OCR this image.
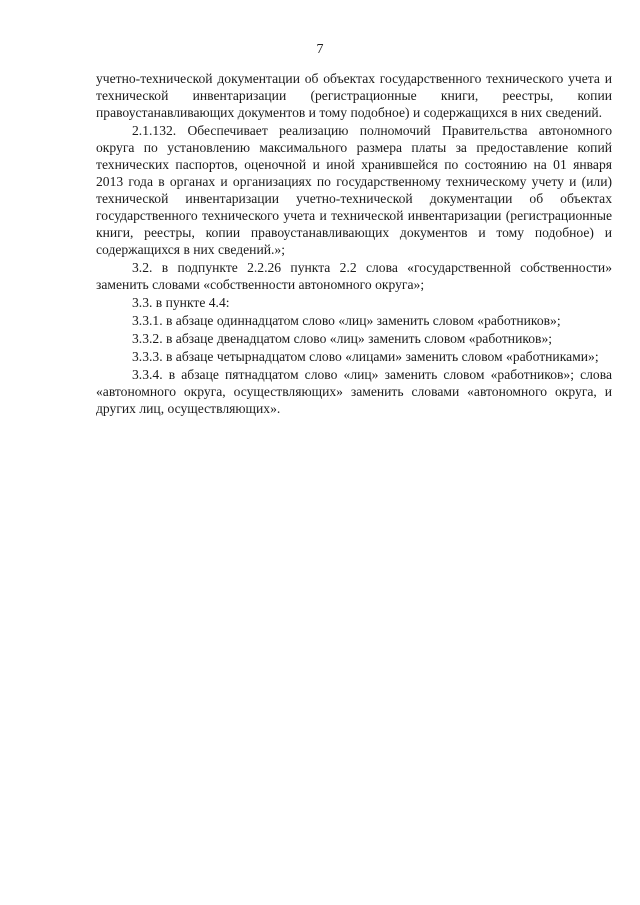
7

учетно-технической документации об объектах государственного технического учета и технической инвентаризации (регистрационные книги, реестры, копии правоустанавливающих документов и тому подобное) и содержащихся в них сведений.

2.1.132. Обеспечивает реализацию полномочий Правительства автономного округа по установлению максимального размера платы за предоставление копий технических паспортов, оценочной и иной хранившейся по состоянию на 01 января 2013 года в органах и организациях по государственному техническому учету и (или) технической инвентаризации учетно-технической документации об объектах государственного технического учета и технической инвентаризации (регистрационные книги, реестры, копии правоустанавливающих документов и тому подобное) и содержащихся в них сведений.»;

3.2. в подпункте 2.2.26 пункта 2.2 слова «государственной собственности» заменить словами «собственности автономного округа»;

3.3. в пункте 4.4:

3.3.1. в абзаце одиннадцатом слово «лиц» заменить словом «работников»;

3.3.2. в абзаце двенадцатом слово «лиц» заменить словом «работников»;

3.3.3. в абзаце четырнадцатом слово «лицами» заменить словом «работниками»;

3.3.4. в абзаце пятнадцатом слово «лиц» заменить словом «работников»; слова «автономного округа, осуществляющих» заменить словами «автономного округа, и других лиц, осуществляющих».
